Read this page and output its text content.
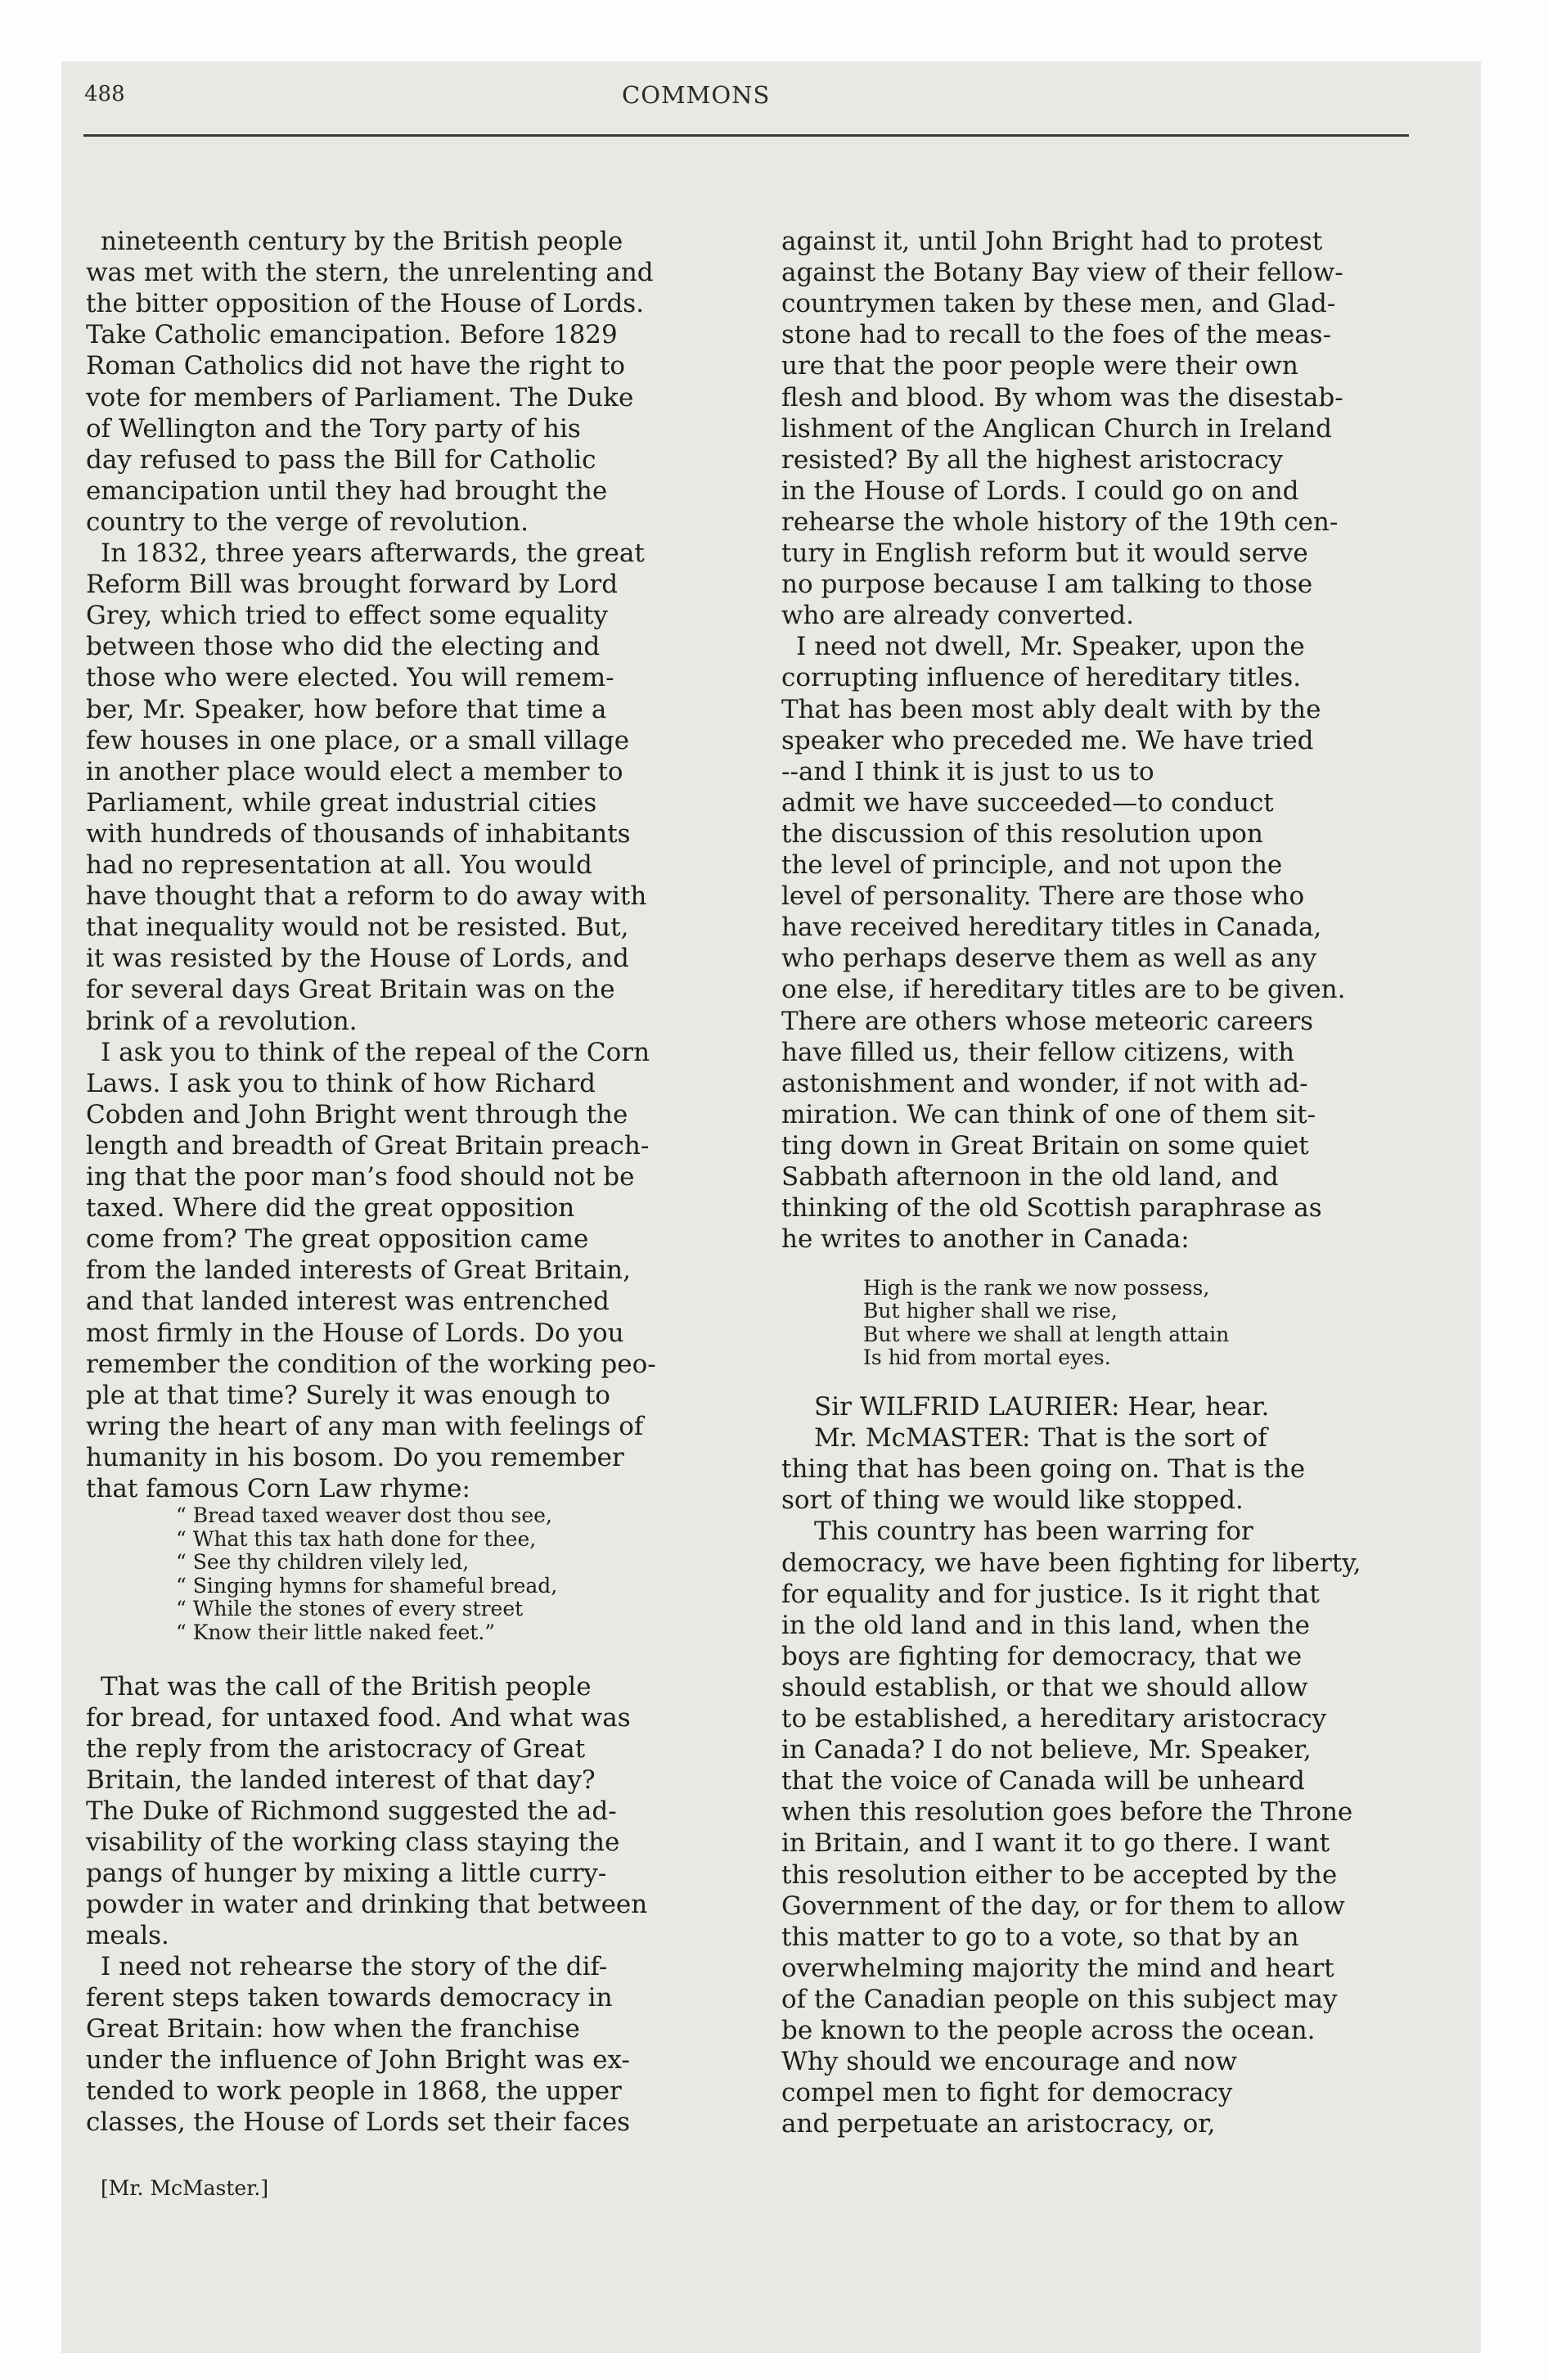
488	COMMONS
nineteenth century by the British people
was met with the stern, the unrelenting and
the bitter opposition of the House of Lords.
Take Catholic emancipation. Before 1829
Roman Catholics did not have the right to
vote for members of Parliament. The Duke
of Wellington and the Tory party of his
day refused to pass the Bill for Catholic
emancipation until they had brought the
country to the verge of revolution.
In 1832, three years afterwards, the great
Reform Bill was brought forward by Lord
Grey, which tried to effect some equality
between those who did the electing and
those who were elected. You will remem-
ber, Mr. Speaker, how before that time a
few houses in one place, or a small village
in another place would elect a member to
Parliament, while great industrial cities
with hundreds of thousands of inhabitants
had no representation at all. You would
have thought that a reform to do away with
that inequality would not be resisted. But,
it was resisted by the House of Lords, and
for several days Great Britain was on the
brink of a revolution.
I ask you to think of the repeal of the Corn
Laws. I ask you to think of how Richard
Cobden and John Bright went through the
length and breadth of Great Britain preach-
ing that the poor man’s food should not be
taxed. Where did the great opposition
come from? The great opposition came
from the landed interests of Great Britain,
and that landed interest was entrenched
most firmly in the House of Lords. Do you
remember the condition of the working peo-
ple at that time? Surely it was enough to
wring the heart of any man with feelings of
humanity in his bosom. Do you remember
that famous Corn Law rhyme:
“ Bread taxed weaver dost thou see,
“ What this tax hath done for thee,
“ See thy children vilely led,
“ Singing hymns for shameful bread,
“ While the stones of every street
“ Know their little naked feet.”
That was the call of the British people
for bread, for untaxed food. And what was
the reply from the aristocracy of Great
Britain, the landed interest of that day?
The Duke of Richmond suggested the ad-
visability of the working class staying the
pangs of hunger by mixing a little curry-
powder in water and drinking that between
meals.
I need not rehearse the story of the dif-
ferent steps taken towards democracy in
Great Britain: how when the franchise
under the influence of John Bright was ex-
tended to work people in 1868, the upper
classes, the House of Lords set their faces
[Mr. McMaster.]
against it, until John Bright had to protest
against the Botany Bay view of their fellow-
countrymen taken by these men, and Glad-
stone had to recall to the foes of the meas-
ure that the poor people were their own
flesh and blood. By whom was the disestab-
lishment of the Anglican Church in Ireland
resisted? By all the highest aristocracy
in the House of Lords. I could go on and
rehearse the whole history of the 19th cen-
tury in English reform but it would serve
no purpose because I am talking to those
who are already converted.
I need not dwell, Mr. Speaker, upon the
corrupting influence of hereditary titles.
That has been most ably dealt with by the
speaker who preceded me. We have tried
--and I think it is just to us to
admit we have succeeded—to conduct
the discussion of this resolution upon
the level of principle, and not upon the
level of personality. There are those who
have received hereditary titles in Canada,
who perhaps deserve them as well as any
one else, if hereditary titles are to be given.
There are others whose meteoric careers
have filled us, their fellow citizens, with
astonishment and wonder, if not with ad-
miration. We can think of one of them sit-
ting down in Great Britain on some quiet
Sabbath afternoon in the old land, and
thinking of the old Scottish paraphrase as
he writes to another in Canada:
High is the rank we now possess,
But higher shall we rise,
But where we shall at length attain
Is hid from mortal eyes.
Sir WILFRID LAURIER: Hear, hear.
Mr. McMASTER: That is the sort of
thing that has been going on. That is the
sort of thing we would like stopped.
This country has been warring for
democracy, we have been fighting for liberty,
for equality and for justice. Is it right that
in the old land and in this land, when the
boys are fighting for democracy, that we
should establish, or that we should allow
to be established, a hereditary aristocracy
in Canada? I do not believe, Mr. Speaker,
that the voice of Canada will be unheard
when this resolution goes before the Throne
in Britain, and I want it to go there. I want
this resolution either to be accepted by the
Government of the day, or for them to allow
this matter to go to a vote, so that by an
overwhelming majority the mind and heart
of the Canadian people on this subject may
be known to the people across the ocean.
Why should we encourage and now
compel men to fight for democracy
and perpetuate an aristocracy, or,
